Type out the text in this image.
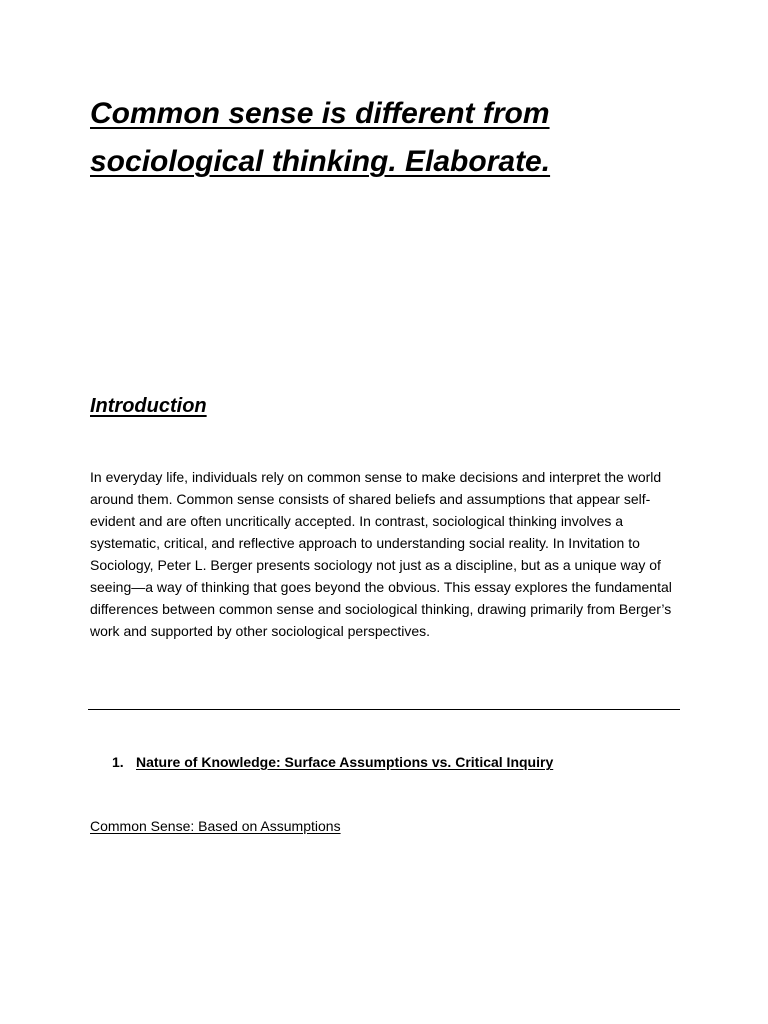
Common sense is different from sociological thinking. Elaborate.
Introduction

In everyday life, individuals rely on common sense to make decisions and interpret the world around them. Common sense consists of shared beliefs and assumptions that appear self-evident and are often uncritically accepted. In contrast, sociological thinking involves a systematic, critical, and reflective approach to understanding social reality. In Invitation to Sociology, Peter L. Berger presents sociology not just as a discipline, but as a unique way of seeing—a way of thinking that goes beyond the obvious. This essay explores the fundamental differences between common sense and sociological thinking, drawing primarily from Berger’s work and supported by other sociological perspectives.

1. Nature of Knowledge: Surface Assumptions vs. Critical Inquiry

Common Sense: Based on Assumptions
